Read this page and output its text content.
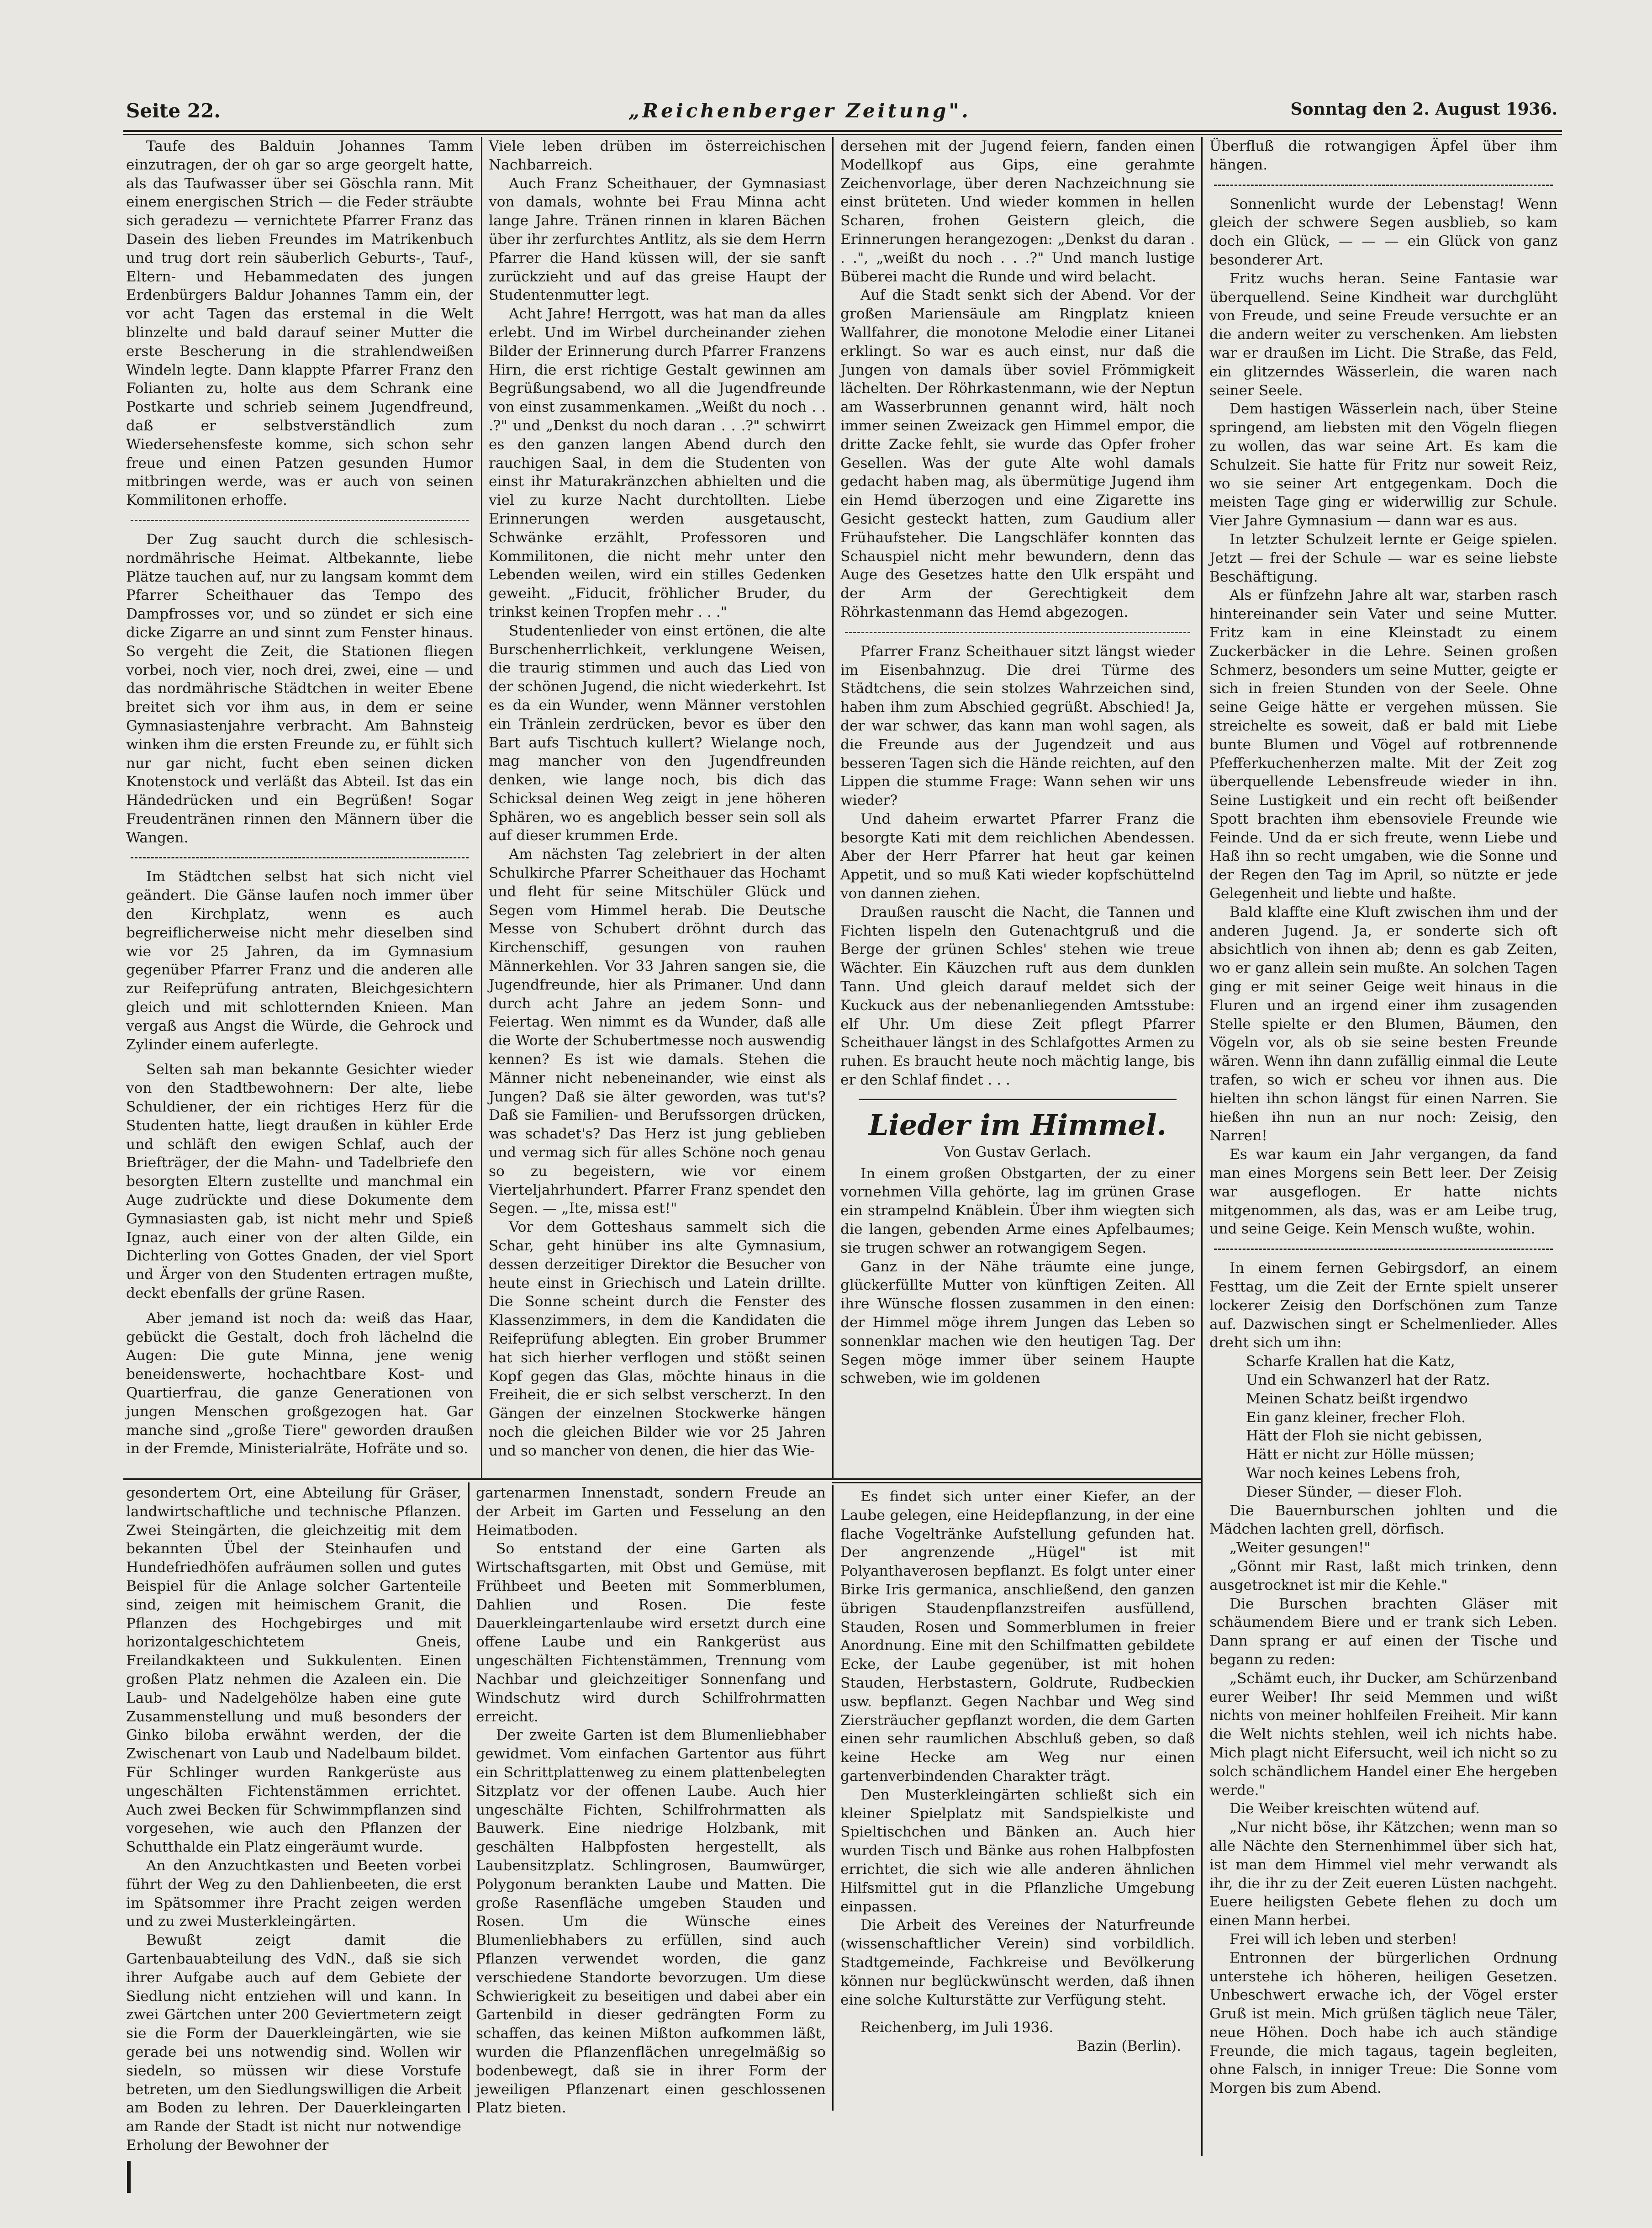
Seite 22.	„Reichenberger Zeitung".	Sonntag den 2. August 1936.

Taufe des Balduin Johannes Tamm einzutragen, der oh gar so arge georgelt hatte, als das Taufwasser über sei Göschla rann. Mit einem energischen Strich — die Feder sträubte sich geradezu — vernichtete Pfarrer Franz das Dasein des lieben Freundes im Matrikenbuch und trug dort rein säuberlich Geburts-, Tauf-, Eltern- und Hebammedaten des jungen Erdenbürgers Baldur Johannes Tamm ein, der vor acht Tagen das erstemal in die Welt blinzelte und bald darauf seiner Mutter die erste Bescherung in die strahlendweißen Windeln legte. Dann klappte Pfarrer Franz den Folianten zu, holte aus dem Schrank eine Postkarte und schrieb seinem Jugendfreund, daß er selbstverständlich zum Wiedersehensfeste komme, sich schon sehr freue und einen Patzen gesunden Humor mitbringen werde, was er auch von seinen Kommilitonen erhoffe.

Der Zug saucht durch die schlesisch-nordmährische Heimat. Altbekannte, liebe Plätze tauchen auf, nur zu langsam kommt dem Pfarrer Scheithauer das Tempo des Dampfrosses vor, und so zündet er sich eine dicke Zigarre an und sinnt zum Fenster hinaus. So vergeht die Zeit, die Stationen fliegen vorbei, noch vier, noch drei, zwei, eine — und das nordmährische Städtchen in weiter Ebene breitet sich vor ihm aus, in dem er seine Gymnasiastenjahre verbracht. Am Bahnsteig winken ihm die ersten Freunde zu, er fühlt sich nur gar nicht, fucht eben seinen dicken Knotenstock und verläßt das Abteil. Ist das ein Händedrücken und ein Begrüßen! Sogar Freudentränen rinnen den Männern über die Wangen.

Im Städtchen selbst hat sich nicht viel geändert. Die Gänse laufen noch immer über den Kirchplatz, wenn es auch begreiflicherweise nicht mehr dieselben sind wie vor 25 Jahren, da im Gymnasium gegenüber Pfarrer Franz und die anderen alle zur Reifeprüfung antraten, Bleichgesichtern gleich und mit schlotternden Knieen. Man vergaß aus Angst die Würde, die Gehrock und Zylinder einem auferlegte.

Selten sah man bekannte Gesichter wieder von den Stadtbewohnern: Der alte, liebe Schuldiener, der ein richtiges Herz für die Studenten hatte, liegt draußen in kühler Erde und schläft den ewigen Schlaf, auch der Briefträger, der die Mahn- und Tadelbriefe den besorgten Eltern zustellte und manchmal ein Auge zudrückte und diese Dokumente dem Gymnasiasten gab, ist nicht mehr und Spieß Ignaz, auch einer von der alten Gilde, ein Dichterling von Gottes Gnaden, der viel Sport und Ärger von den Studenten ertragen mußte, deckt ebenfalls der grüne Rasen.

Aber jemand ist noch da: weiß das Haar, gebückt die Gestalt, doch froh lächelnd die Augen: Die gute Minna, jene wenig beneidenswerte, hochachtbare Kost- und Quartierfrau, die ganze Generationen von jungen Menschen großgezogen hat. Gar manche sind „große Tiere" geworden draußen in der Fremde, Ministerialräte, Hofräte und so.

Viele leben drüben im österreichischen Nachbarreich.

Auch Franz Scheithauer, der Gymnasiast von damals, wohnte bei Frau Minna acht lange Jahre. Tränen rinnen in klaren Bächen über ihr zerfurchtes Antlitz, als sie dem Herrn Pfarrer die Hand küssen will, der sie sanft zurückzieht und auf das greise Haupt der Studentenmutter legt.

Acht Jahre! Herrgott, was hat man da alles erlebt. Und im Wirbel durcheinander ziehen Bilder der Erinnerung durch Pfarrer Franzens Hirn, die erst richtige Gestalt gewinnen am Begrüßungsabend, wo all die Jugendfreunde von einst zusammenkamen. „Weißt du noch . . .?" und „Denkst du noch daran . . .?" schwirrt es den ganzen langen Abend durch den rauchigen Saal, in dem die Studenten von einst ihr Maturakränzchen abhielten und die viel zu kurze Nacht durchtollten. Liebe Erinnerungen werden ausgetauscht, Schwänke erzählt, Professoren und Kommilitonen, die nicht mehr unter den Lebenden weilen, wird ein stilles Gedenken geweiht. „Fiducit, fröhlicher Bruder, du trinkst keinen Tropfen mehr . . ."

Studentenlieder von einst ertönen, die alte Burschenherrlichkeit, verklungene Weisen, die traurig stimmen und auch das Lied von der schönen Jugend, die nicht wiederkehrt. Ist es da ein Wunder, wenn Männer verstohlen ein Tränlein zerdrücken, bevor es über den Bart aufs Tischtuch kullert? Wielange noch, mag mancher von den Jugendfreunden denken, wie lange noch, bis dich das Schicksal deinen Weg zeigt in jene höheren Sphären, wo es angeblich besser sein soll als auf dieser krummen Erde.

Am nächsten Tag zelebriert in der alten Schulkirche Pfarrer Scheithauer das Hochamt und fleht für seine Mitschüler Glück und Segen vom Himmel herab. Die Deutsche Messe von Schubert dröhnt durch das Kirchenschiff, gesungen von rauhen Männerkehlen. Vor 33 Jahren sangen sie, die Jugendfreunde, hier als Primaner. Und dann durch acht Jahre an jedem Sonn- und Feiertag. Wen nimmt es da Wunder, daß alle die Worte der Schubertmesse noch auswendig kennen? Es ist wie damals. Stehen die Männer nicht nebeneinander, wie einst als Jungen? Daß sie älter geworden, was tut's? Daß sie Familien- und Berufssorgen drücken, was schadet's? Das Herz ist jung geblieben und vermag sich für alles Schöne noch genau so zu begeistern, wie vor einem Vierteljahrhundert. Pfarrer Franz spendet den Segen. — „Ite, missa est!"

Vor dem Gotteshaus sammelt sich die Schar, geht hinüber ins alte Gymnasium, dessen derzeitiger Direktor die Besucher von heute einst in Griechisch und Latein drillte. Die Sonne scheint durch die Fenster des Klassenzimmers, in dem die Kandidaten die Reifeprüfung ablegten. Ein grober Brummer hat sich hierher verflogen und stößt seinen Kopf gegen das Glas, möchte hinaus in die Freiheit, die er sich selbst verscherzt. In den Gängen der einzelnen Stockwerke hängen noch die gleichen Bilder wie vor 25 Jahren und so mancher von denen, die hier das Wie-

dersehen mit der Jugend feiern, fanden einen Modellkopf aus Gips, eine gerahmte Zeichenvorlage, über deren Nachzeichnung sie einst brüteten. Und wieder kommen in hellen Scharen, frohen Geistern gleich, die Erinnerungen herangezogen: „Denkst du daran . . .", „weißt du noch . . .?" Und manch lustige Büberei macht die Runde und wird belacht.

Auf die Stadt senkt sich der Abend. Vor der großen Mariensäule am Ringplatz knieen Wallfahrer, die monotone Melodie einer Litanei erklingt. So war es auch einst, nur daß die Jungen von damals über soviel Frömmigkeit lächelten. Der Röhrkastenmann, wie der Neptun am Wasserbrunnen genannt wird, hält noch immer seinen Zweizack gen Himmel empor, die dritte Zacke fehlt, sie wurde das Opfer froher Gesellen. Was der gute Alte wohl damals gedacht haben mag, als übermütige Jugend ihm ein Hemd überzogen und eine Zigarette ins Gesicht gesteckt hatten, zum Gaudium aller Frühaufsteher. Die Langschläfer konnten das Schauspiel nicht mehr bewundern, denn das Auge des Gesetzes hatte den Ulk erspäht und der Arm der Gerechtigkeit dem Röhrkastenmann das Hemd abgezogen.

Pfarrer Franz Scheithauer sitzt längst wieder im Eisenbahnzug. Die drei Türme des Städtchens, die sein stolzes Wahrzeichen sind, haben ihm zum Abschied gegrüßt. Abschied! Ja, der war schwer, das kann man wohl sagen, als die Freunde aus der Jugendzeit und aus besseren Tagen sich die Hände reichten, auf den Lippen die stumme Frage: Wann sehen wir uns wieder?

Und daheim erwartet Pfarrer Franz die besorgte Kati mit dem reichlichen Abendessen. Aber der Herr Pfarrer hat heut gar keinen Appetit, und so muß Kati wieder kopfschüttelnd von dannen ziehen.

Draußen rauscht die Nacht, die Tannen und Fichten lispeln den Gutenachtgruß und die Berge der grünen Schles' stehen wie treue Wächter. Ein Käuzchen ruft aus dem dunklen Tann. Und gleich darauf meldet sich der Kuckuck aus der nebenanliegenden Amtsstube: elf Uhr. Um diese Zeit pflegt Pfarrer Scheithauer längst in des Schlafgottes Armen zu ruhen. Es braucht heute noch mächtig lange, bis er den Schlaf findet . . .

Lieder im Himmel.

Von Gustav Gerlach.

In einem großen Obstgarten, der zu einer vornehmen Villa gehörte, lag im grünen Grase ein strampelnd Knäblein. Über ihm wiegten sich die langen, gebenden Arme eines Apfelbaumes; sie trugen schwer an rotwangigem Segen.

Ganz in der Nähe träumte eine junge, glückerfüllte Mutter von künftigen Zeiten. All ihre Wünsche flossen zusammen in den einen: der Himmel möge ihrem Jungen das Leben so sonnenklar machen wie den heutigen Tag. Der Segen möge immer über seinem Haupte schweben, wie im goldenen

Überfluß die rotwangigen Äpfel über ihm hängen.

Sonnenlicht wurde der Lebenstag! Wenn gleich der schwere Segen ausblieb, so kam doch ein Glück, — — — ein Glück von ganz besonderer Art.

Fritz wuchs heran. Seine Fantasie war überquellend. Seine Kindheit war durchglüht von Freude, und seine Freude versuchte er an die andern weiter zu verschenken. Am liebsten war er draußen im Licht. Die Straße, das Feld, ein glitzerndes Wässerlein, die waren nach seiner Seele.

Dem hastigen Wässerlein nach, über Steine springend, am liebsten mit den Vögeln fliegen zu wollen, das war seine Art. Es kam die Schulzeit. Sie hatte für Fritz nur soweit Reiz, wo sie seiner Art entgegenkam. Doch die meisten Tage ging er widerwillig zur Schule. Vier Jahre Gymnasium — dann war es aus.

In letzter Schulzeit lernte er Geige spielen. Jetzt — frei der Schule — war es seine liebste Beschäftigung.

Als er fünfzehn Jahre alt war, starben rasch hintereinander sein Vater und seine Mutter. Fritz kam in eine Kleinstadt zu einem Zuckerbäcker in die Lehre. Seinen großen Schmerz, besonders um seine Mutter, geigte er sich in freien Stunden von der Seele. Ohne seine Geige hätte er vergehen müssen. Sie streichelte es soweit, daß er bald mit Liebe bunte Blumen und Vögel auf rotbrennende Pfefferkuchenherzen malte. Mit der Zeit zog überquellende Lebensfreude wieder in ihn. Seine Lustigkeit und ein recht oft beißender Spott brachten ihm ebensoviele Freunde wie Feinde. Und da er sich freute, wenn Liebe und Haß ihn so recht umgaben, wie die Sonne und der Regen den Tag im April, so nützte er jede Gelegenheit und liebte und haßte.

Bald klaffte eine Kluft zwischen ihm und der anderen Jugend. Ja, er sonderte sich oft absichtlich von ihnen ab; denn es gab Zeiten, wo er ganz allein sein mußte. An solchen Tagen ging er mit seiner Geige weit hinaus in die Fluren und an irgend einer ihm zusagenden Stelle spielte er den Blumen, Bäumen, den Vögeln vor, als ob sie seine besten Freunde wären. Wenn ihn dann zufällig einmal die Leute trafen, so wich er scheu vor ihnen aus. Die hielten ihn schon längst für einen Narren. Sie hießen ihn nun an nur noch: Zeisig, den Narren!

Es war kaum ein Jahr vergangen, da fand man eines Morgens sein Bett leer. Der Zeisig war ausgeflogen. Er hatte nichts mitgenommen, als das, was er am Leibe trug, und seine Geige. Kein Mensch wußte, wohin.

In einem fernen Gebirgsdorf, an einem Festtag, um die Zeit der Ernte spielt unserer lockerer Zeisig den Dorfschönen zum Tanze auf. Dazwischen singt er Schelmenlieder. Alles dreht sich um ihn:

Scharfe Krallen hat die Katz,

Und ein Schwanzerl hat der Ratz.

Meinen Schatz beißt irgendwo

Ein ganz kleiner, frecher Floh.

Hätt der Floh sie nicht gebissen,

Hätt er nicht zur Hölle müssen;

War noch keines Lebens froh,

Dieser Sünder, — dieser Floh.

Die Bauernburschen johlten und die Mädchen lachten grell, dörfisch.

„Weiter gesungen!"

„Gönnt mir Rast, laßt mich trinken, denn ausgetrocknet ist mir die Kehle."

Die Burschen brachten Gläser mit schäumendem Biere und er trank sich Leben. Dann sprang er auf einen der Tische und begann zu reden:

„Schämt euch, ihr Ducker, am Schürzenband eurer Weiber! Ihr seid Memmen und wißt nichts von meiner hohlfeilen Freiheit. Mir kann die Welt nichts stehlen, weil ich nichts habe. Mich plagt nicht Eifersucht, weil ich nicht so zu solch schändlichem Handel einer Ehe hergeben werde."

Die Weiber kreischten wütend auf.

„Nur nicht böse, ihr Kätzchen; wenn man so alle Nächte den Sternenhimmel über sich hat, ist man dem Himmel viel mehr verwandt als ihr, die ihr zu der Zeit eueren Lüsten nachgeht. Euere heiligsten Gebete flehen zu doch um einen Mann herbei.

Frei will ich leben und sterben!

Entronnen der bürgerlichen Ordnung unterstehe ich höheren, heiligen Gesetzen. Unbeschwert erwache ich, der Vögel erster Gruß ist mein. Mich grüßen täglich neue Täler, neue Höhen. Doch habe ich auch ständige Freunde, die mich tagaus, tagein begleiten, ohne Falsch, in inniger Treue: Die Sonne vom Morgen bis zum Abend.

gesondertem Ort, eine Abteilung für Gräser, landwirtschaftliche und technische Pflanzen. Zwei Steingärten, die gleichzeitig mit dem bekannten Übel der Steinhaufen und Hundefriedhöfen aufräumen sollen und gutes Beispiel für die Anlage solcher Gartenteile sind, zeigen mit heimischem Granit, die Pflanzen des Hochgebirges und mit horizontalgeschichtetem Gneis, Freilandkakteen und Sukkulenten. Einen großen Platz nehmen die Azaleen ein. Die Laub- und Nadelgehölze haben eine gute Zusammenstellung und muß besonders der Ginko biloba erwähnt werden, der die Zwischenart von Laub und Nadelbaum bildet. Für Schlinger wurden Rankgerüste aus ungeschälten Fichtenstämmen errichtet. Auch zwei Becken für Schwimmpflanzen sind vorgesehen, wie auch den Pflanzen der Schutthalde ein Platz eingeräumt wurde.

An den Anzuchtkasten und Beeten vorbei führt der Weg zu den Dahlienbeeten, die erst im Spätsommer ihre Pracht zeigen werden und zu zwei Musterkleingärten.

Bewußt zeigt damit die Gartenbauabteilung des VdN., daß sie sich ihrer Aufgabe auch auf dem Gebiete der Siedlung nicht entziehen will und kann. In zwei Gärtchen unter 200 Geviertmetern zeigt sie die Form der Dauerkleingärten, wie sie gerade bei uns notwendig sind. Wollen wir siedeln, so müssen wir diese Vorstufe betreten, um den Siedlungswilligen die Arbeit am Boden zu lehren. Der Dauerkleingarten am Rande der Stadt ist nicht nur notwendige Erholung der Bewohner der

gartenarmen Innenstadt, sondern Freude an der Arbeit im Garten und Fesselung an den Heimatboden.

So entstand der eine Garten als Wirtschaftsgarten, mit Obst und Gemüse, mit Frühbeet und Beeten mit Sommerblumen, Dahlien und Rosen. Die feste Dauerkleingartenlaube wird ersetzt durch eine offene Laube und ein Rankgerüst aus ungeschälten Fichtenstämmen, Trennung vom Nachbar und gleichzeitiger Sonnenfang und Windschutz wird durch Schilfrohrmatten erreicht.

Der zweite Garten ist dem Blumenliebhaber gewidmet. Vom einfachen Gartentor aus führt ein Schrittplattenweg zu einem plattenbelegten Sitzplatz vor der offenen Laube. Auch hier ungeschälte Fichten, Schilfrohrmatten als Bauwerk. Eine niedrige Holzbank, mit geschälten Halbpfosten hergestellt, als Laubensitzplatz. Schlingrosen, Baumwürger, Polygonum berankten Laube und Matten. Die große Rasenfläche umgeben Stauden und Rosen. Um die Wünsche eines Blumenliebhabers zu erfüllen, sind auch Pflanzen verwendet worden, die ganz verschiedene Standorte bevorzugen. Um diese Schwierigkeit zu beseitigen und dabei aber ein Gartenbild in dieser gedrängten Form zu schaffen, das keinen Mißton aufkommen läßt, wurden die Pflanzenflächen unregelmäßig so bodenbewegt, daß sie in ihrer Form der jeweiligen Pflanzenart einen geschlossenen Platz bieten.

Es findet sich unter einer Kiefer, an der Laube gelegen, eine Heidepflanzung, in der eine flache Vogeltränke Aufstellung gefunden hat. Der angrenzende „Hügel" ist mit Polyanthaverosen bepflanzt. Es folgt unter einer Birke Iris germanica, anschließend, den ganzen übrigen Staudenpflanzstreifen ausfüllend, Stauden, Rosen und Sommerblumen in freier Anordnung. Eine mit den Schilfmatten gebildete Ecke, der Laube gegenüber, ist mit hohen Stauden, Herbstastern, Goldrute, Rudbeckien usw. bepflanzt. Gegen Nachbar und Weg sind Ziersträucher gepflanzt worden, die dem Garten einen sehr raumlichen Abschluß geben, so daß keine Hecke am Weg nur einen gartenverbindenden Charakter trägt.

Den Musterkleingärten schließt sich ein kleiner Spielplatz mit Sandspielkiste und Spieltischchen und Bänken an. Auch hier wurden Tisch und Bänke aus rohen Halbpfosten errichtet, die sich wie alle anderen ähnlichen Hilfsmittel gut in die Pflanzliche Umgebung einpassen.

Die Arbeit des Vereines der Naturfreunde (wissenschaftlicher Verein) sind vorbildlich. Stadtgemeinde, Fachkreise und Bevölkerung können nur beglückwünscht werden, daß ihnen eine solche Kulturstätte zur Verfügung steht.

Reichenberg, im Juli 1936.

Bazin (Berlin).
